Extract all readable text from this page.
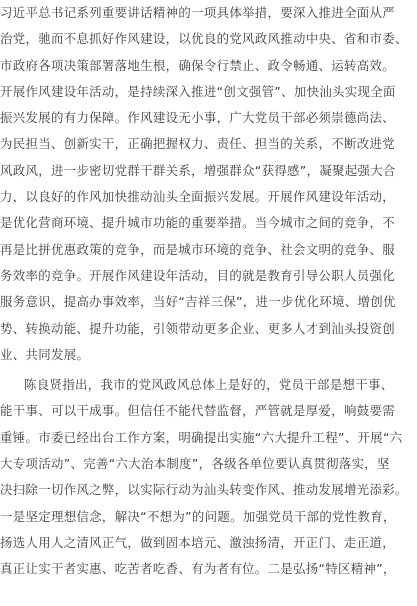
习近平总书记系列重要讲话精神的一项具体举措，要深入推进全面从严
治党，驰而不息抓好作风建设，以优良的党风政风推动中央、省和市委、
市政府各项决策部署落地生根，确保令行禁止、政令畅通、运转高效。
开展作风建设年活动，是持续深入推进“创文强管”、加快汕头实现全面
振兴发展的有力保障。作风建设无小事，广大党员干部必须崇德尚法、
为民担当、创新实干，正确把握权力、责任、担当的关系，不断改进党
风政风，进一步密切党群干群关系，增强群众“获得感”，凝聚起强大合
力，以良好的作风加快推动汕头全面振兴发展。开展作风建设年活动，
是优化营商环境、提升城市功能的重要举措。当今城市之间的竞争，不
再是比拼优惠政策的竞争，而是城市环境的竞争、社会文明的竞争、服
务效率的竞争。开展作风建设年活动，目的就是教育引导公职人员强化
服务意识，提高办事效率，当好“吉祥三保”，进一步优化环境、增创优
势、转换动能、提升功能，引领带动更多企业、更多人才到汕头投资创
业、共同发展。
陈良贤指出，我市的党风政风总体上是好的，党员干部是想干事、
能干事、可以干成事。但信任不能代替监督，严管就是厚爱，响鼓要需
重锤。市委已经出台工作方案，明确提出实施“六大提升工程”、开展“六
大专项活动”、完善“六大治本制度”，各级各单位要认真贯彻落实，坚
决扫除一切作风之弊，以实际行动为汕头转变作风、推动发展增光添彩。
一是坚定理想信念，解决“不想为”的问题。加强党员干部的党性教育，
扬选人用人之清风正气，做到固本培元、激浊扬清，开正门、走正道，
真正让实干者实惠、吃苦者吃香、有为者有位。二是弘扬“特区精神”，
